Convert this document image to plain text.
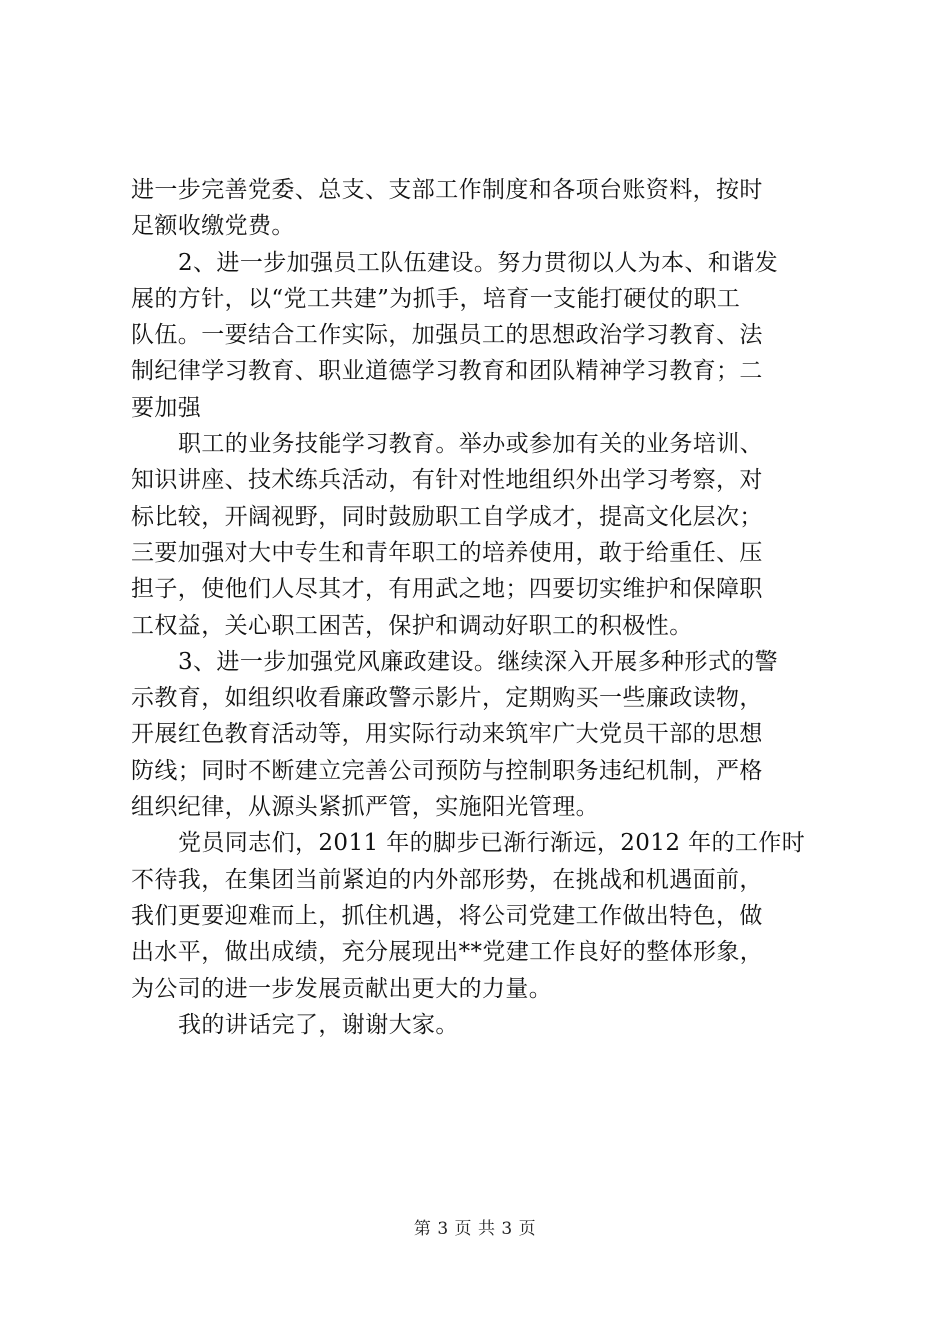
进一步完善党委、总支、支部工作制度和各项台账资料，按时
足额收缴党费。
2、进一步加强员工队伍建设。努力贯彻以人为本、和谐发
展的方针，以“党工共建”为抓手，培育一支能打硬仗的职工
队伍。一要结合工作实际，加强员工的思想政治学习教育、法
制纪律学习教育、职业道德学习教育和团队精神学习教育；二
要加强
职工的业务技能学习教育。举办或参加有关的业务培训、
知识讲座、技术练兵活动，有针对性地组织外出学习考察，对
标比较，开阔视野，同时鼓励职工自学成才，提高文化层次；
三要加强对大中专生和青年职工的培养使用，敢于给重任、压
担子，使他们人尽其才，有用武之地；四要切实维护和保障职
工权益，关心职工困苦，保护和调动好职工的积极性。
3、进一步加强党风廉政建设。继续深入开展多种形式的警
示教育，如组织收看廉政警示影片，定期购买一些廉政读物，
开展红色教育活动等，用实际行动来筑牢广大党员干部的思想
防线；同时不断建立完善公司预防与控制职务违纪机制，严格
组织纪律，从源头紧抓严管，实施阳光管理。
党员同志们，2011 年的脚步已渐行渐远，2012 年的工作时
不待我，在集团当前紧迫的内外部形势，在挑战和机遇面前，
我们更要迎难而上，抓住机遇，将公司党建工作做出特色，做
出水平，做出成绩，充分展现出**党建工作良好的整体形象，
为公司的进一步发展贡献出更大的力量。
我的讲话完了，谢谢大家。
第 3 页 共 3 页
